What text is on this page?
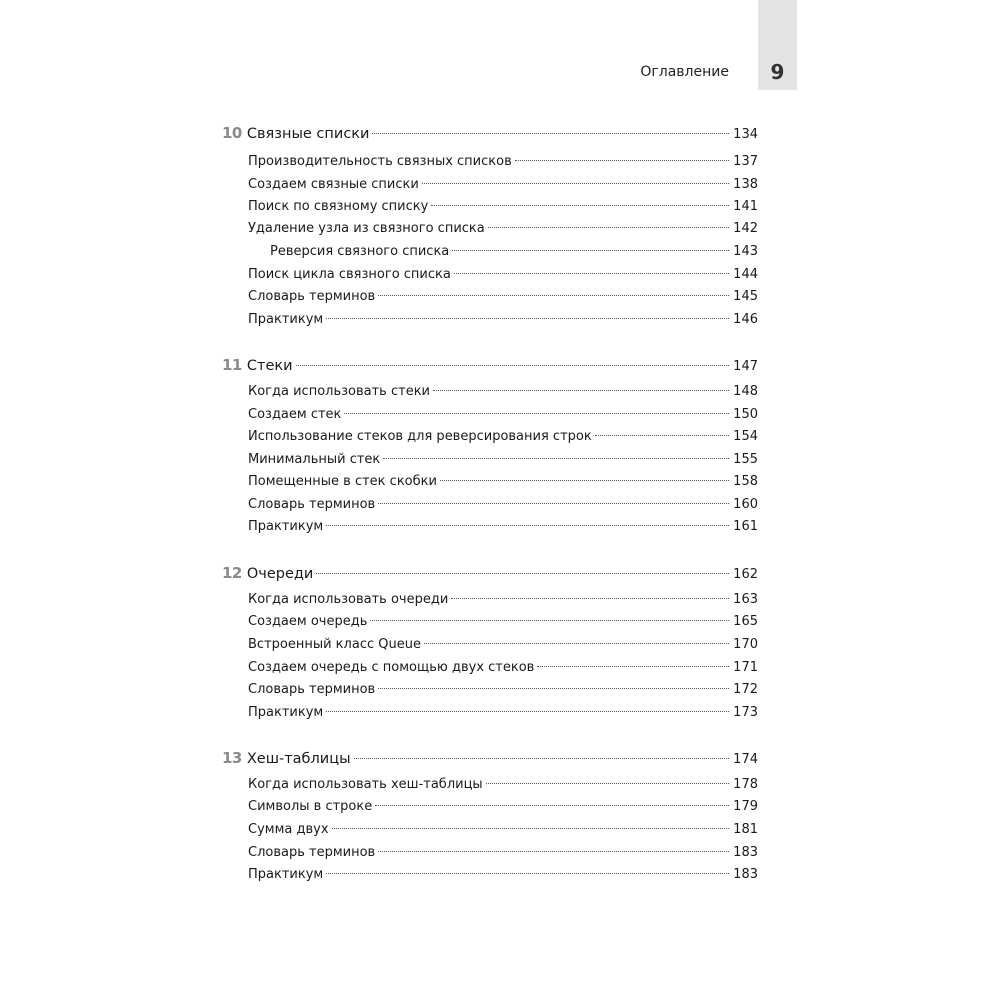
9
Оглавление
10 Связные списки	134
Производительность связных списков	137
Создаем связные списки	138
Поиск по связному списку	141
Удаление узла из связного списка	142
Реверсия связного списка	143
Поиск цикла связного списка	144
Словарь терминов	145
Практикум	146
11 Стеки	147
Когда использовать стеки	148
Создаем стек	150
Использование стеков для реверсирования строк	154
Минимальный стек	155
Помещенные в стек скобки	158
Словарь терминов	160
Практикум	161
12 Очереди	162
Когда использовать очереди	163
Создаем очередь	165
Встроенный класс Queue	170
Создаем очередь с помощью двух стеков	171
Словарь терминов	172
Практикум	173
13 Хеш-таблицы	174
Когда использовать хеш-таблицы	178
Символы в строке	179
Сумма двух	181
Словарь терминов	183
Практикум	183
